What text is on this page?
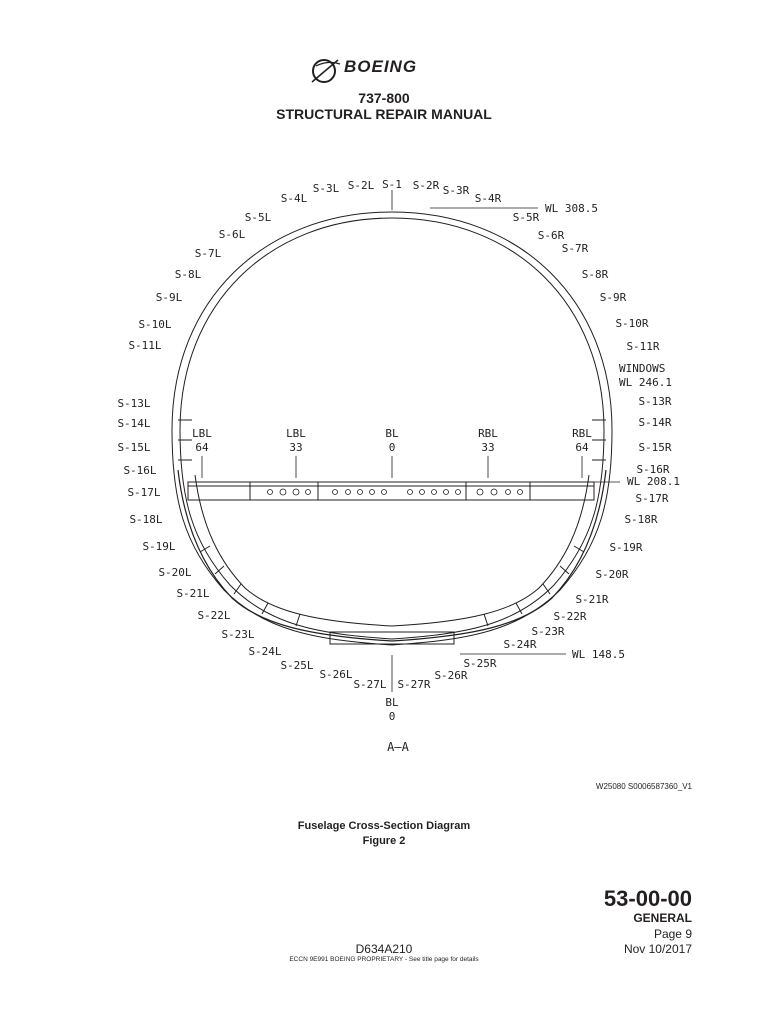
BOEING
737-800
STRUCTURAL REPAIR MANUAL
S-1
S-2L
S-3L
S-4L
S-5L
S-6L
S-7L
S-8L
S-9L
S-10L
S-11L
S-13L
S-14L
S-15L
S-16L
S-17L
S-18L
S-19L
S-20L
S-21L
S-22L
S-23L
S-24L
S-25L
S-26L
S-27L
S-2R S-3R
S-4R
S-5R
S-6R
S-7R
S-8R
S-9R
S-10R
S-11R
S-13R
S-14R
S-15R
S-16R
S-17R
S-18R
S-19R
S-20R
S-21R
S-22R
S-23R
S-24R
S-25R
S-26R
S-27R
WL 308.5
WINDOWS
WL 246.1
WL 208.1
WL 148.5
LBL
64
LBL
33
BL
0
RBL
33
RBL
64
BL
0
A—A
W25080 S0006587360_V1
Fuselage Cross-Section Diagram
Figure 2
53-00-00
GENERAL
Page 9
Nov 10/2017
D634A210
ECCN 9E991 BOEING PROPRIETARY - See title page for details
